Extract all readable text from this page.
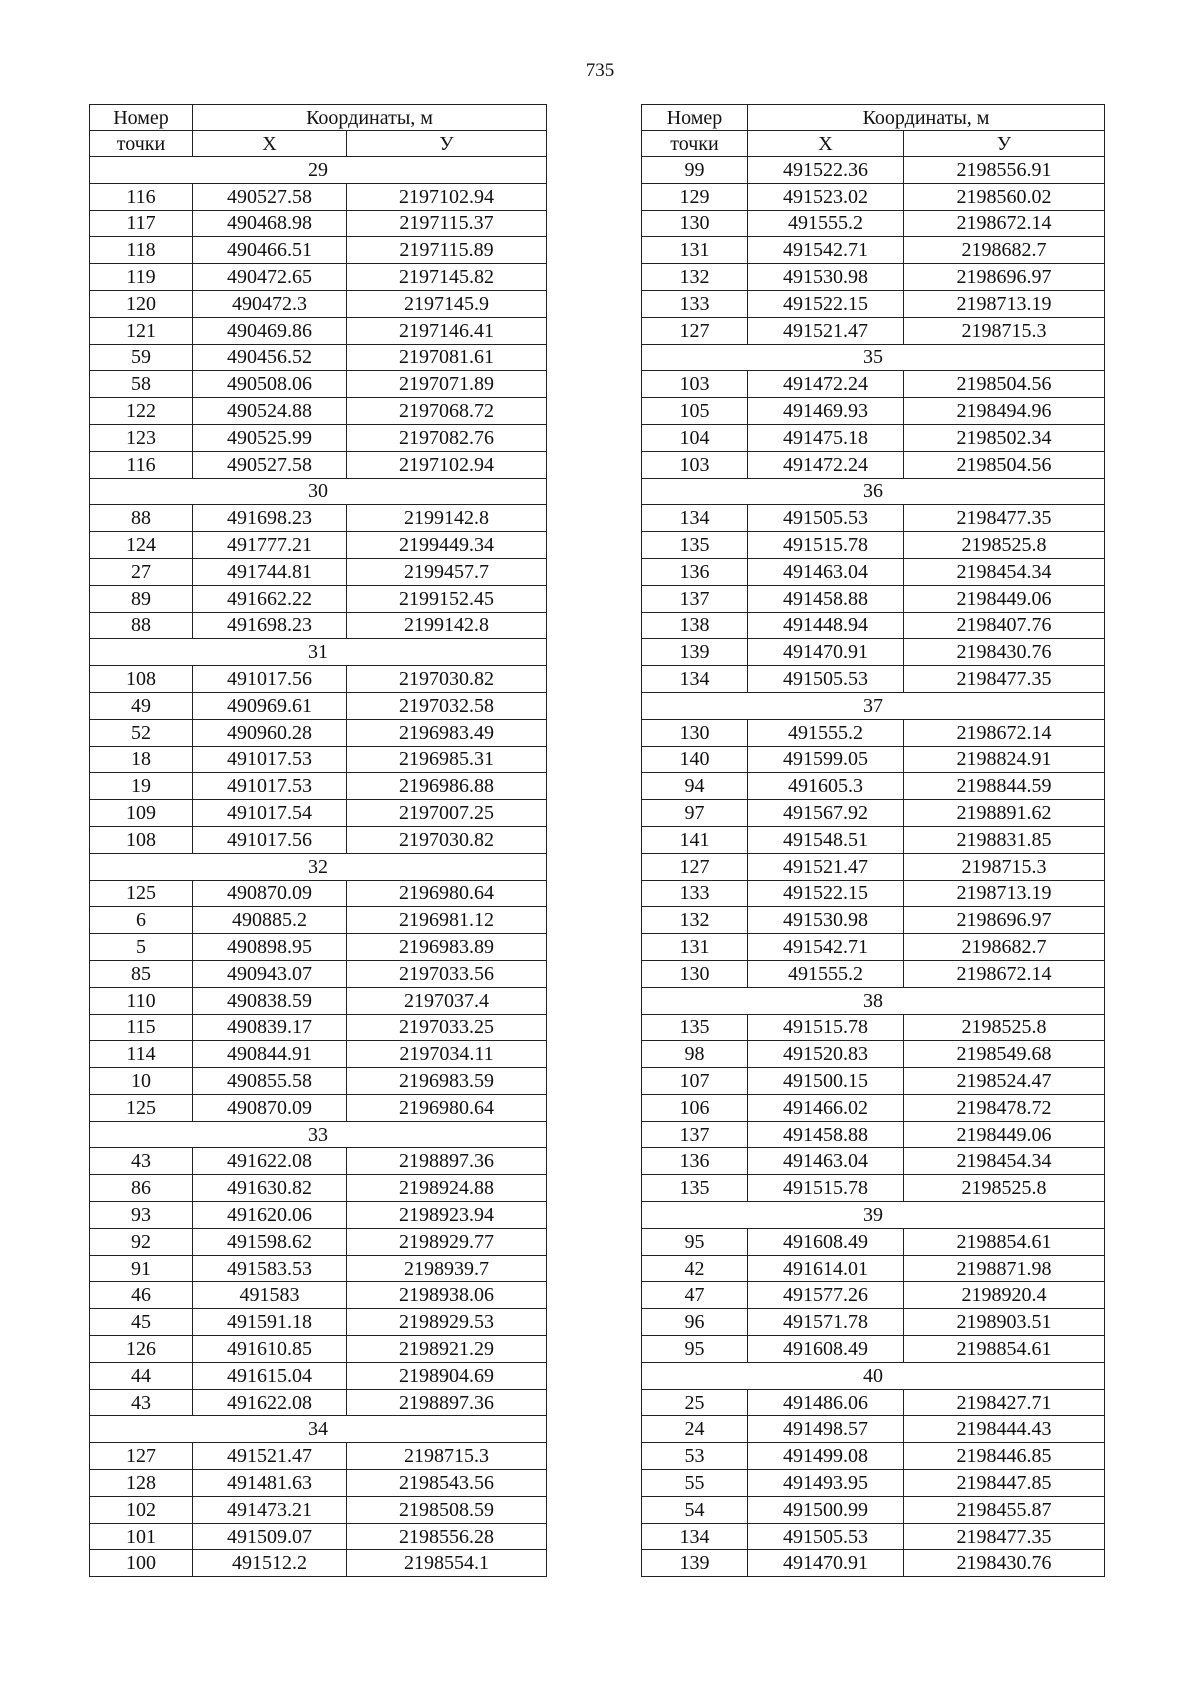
735
Номер	Координаты, м	
точки	Х	У
29		
116	490527.58	2197102.94
117	490468.98	2197115.37
118	490466.51	2197115.89
119	490472.65	2197145.82
120	490472.3	2197145.9
121	490469.86	2197146.41
59	490456.52	2197081.61
58	490508.06	2197071.89
122	490524.88	2197068.72
123	490525.99	2197082.76
116	490527.58	2197102.94
30		
88	491698.23	2199142.8
124	491777.21	2199449.34
27	491744.81	2199457.7
89	491662.22	2199152.45
88	491698.23	2199142.8
31		
108	491017.56	2197030.82
49	490969.61	2197032.58
52	490960.28	2196983.49
18	491017.53	2196985.31
19	491017.53	2196986.88
109	491017.54	2197007.25
108	491017.56	2197030.82
32		
125	490870.09	2196980.64
6	490885.2	2196981.12
5	490898.95	2196983.89
85	490943.07	2197033.56
110	490838.59	2197037.4
115	490839.17	2197033.25
114	490844.91	2197034.11
10	490855.58	2196983.59
125	490870.09	2196980.64
33		
43	491622.08	2198897.36
86	491630.82	2198924.88
93	491620.06	2198923.94
92	491598.62	2198929.77
91	491583.53	2198939.7
46	491583	2198938.06
45	491591.18	2198929.53
126	491610.85	2198921.29
44	491615.04	2198904.69
43	491622.08	2198897.36
34		
127	491521.47	2198715.3
128	491481.63	2198543.56
102	491473.21	2198508.59
101	491509.07	2198556.28
100	491512.2	2198554.1
Номер	Координаты, м	
точки	Х	У
99	491522.36	2198556.91
129	491523.02	2198560.02
130	491555.2	2198672.14
131	491542.71	2198682.7
132	491530.98	2198696.97
133	491522.15	2198713.19
127	491521.47	2198715.3
35		
103	491472.24	2198504.56
105	491469.93	2198494.96
104	491475.18	2198502.34
103	491472.24	2198504.56
36		
134	491505.53	2198477.35
135	491515.78	2198525.8
136	491463.04	2198454.34
137	491458.88	2198449.06
138	491448.94	2198407.76
139	491470.91	2198430.76
134	491505.53	2198477.35
37		
130	491555.2	2198672.14
140	491599.05	2198824.91
94	491605.3	2198844.59
97	491567.92	2198891.62
141	491548.51	2198831.85
127	491521.47	2198715.3
133	491522.15	2198713.19
132	491530.98	2198696.97
131	491542.71	2198682.7
130	491555.2	2198672.14
38		
135	491515.78	2198525.8
98	491520.83	2198549.68
107	491500.15	2198524.47
106	491466.02	2198478.72
137	491458.88	2198449.06
136	491463.04	2198454.34
135	491515.78	2198525.8
39		
95	491608.49	2198854.61
42	491614.01	2198871.98
47	491577.26	2198920.4
96	491571.78	2198903.51
95	491608.49	2198854.61
40		
25	491486.06	2198427.71
24	491498.57	2198444.43
53	491499.08	2198446.85
55	491493.95	2198447.85
54	491500.99	2198455.87
134	491505.53	2198477.35
139	491470.91	2198430.76
